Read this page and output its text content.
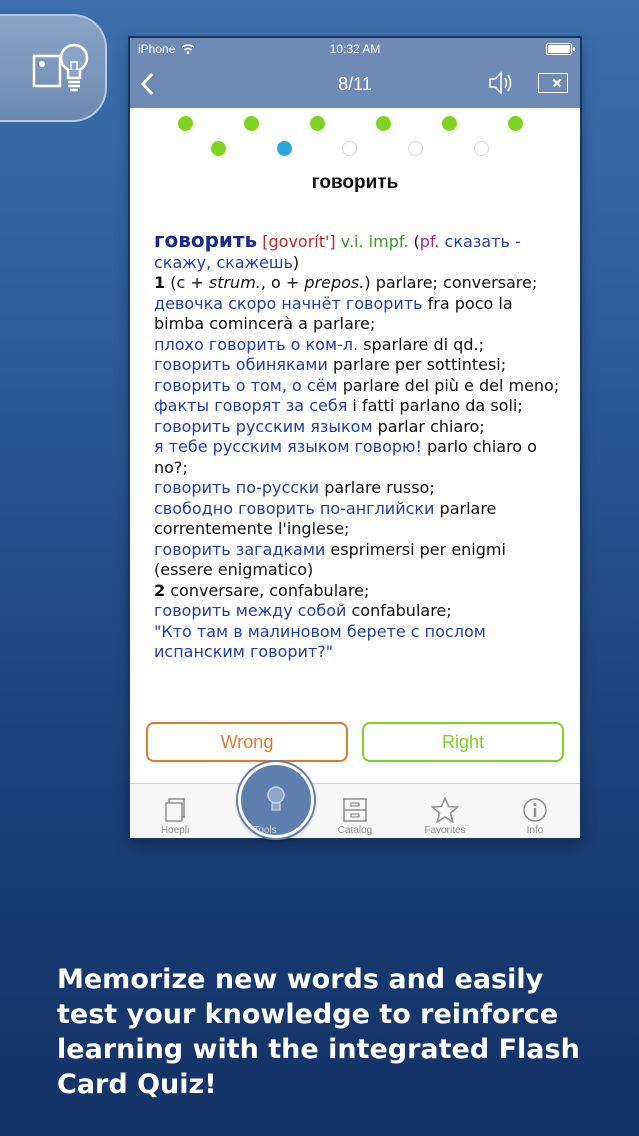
iPhone	10:32 AM
8/11
говорить
говорить [govorít'] v.i. impf. (pf. сказать - скажу, скажешь)
1 (с + strum., о + prepos.) parlare; conversare;

девочка скоро начнёт говорить fra poco la bimba comincerà a parlare;
плохо говорить о ком-л. sparlare di qd.;
говорить обиняками parlare per sottintesi;
говорить о том, о сём parlare del più e del meno;
факты говорят за себя i fatti parlano da soli;
говорить русским языком parlar chiaro;
я тебе русским языком говорю! parlo chiaro o no?;
говорить по-русски parlare russo;
свободно говорить по-английски parlare correntemente l'inglese;
говорить загадками esprimersi per enigmi (essere enigmatico)
2 conversare, confabulare;

говорить между собой confabulare;
"Кто там в малиновом берете с послом испанским говорит?"
Wrong	Right
Hoepli	Tools	Catalog	Favorites	Info
Memorize new words and easily test your knowledge to reinforce learning with the integrated Flash Card Quiz!
